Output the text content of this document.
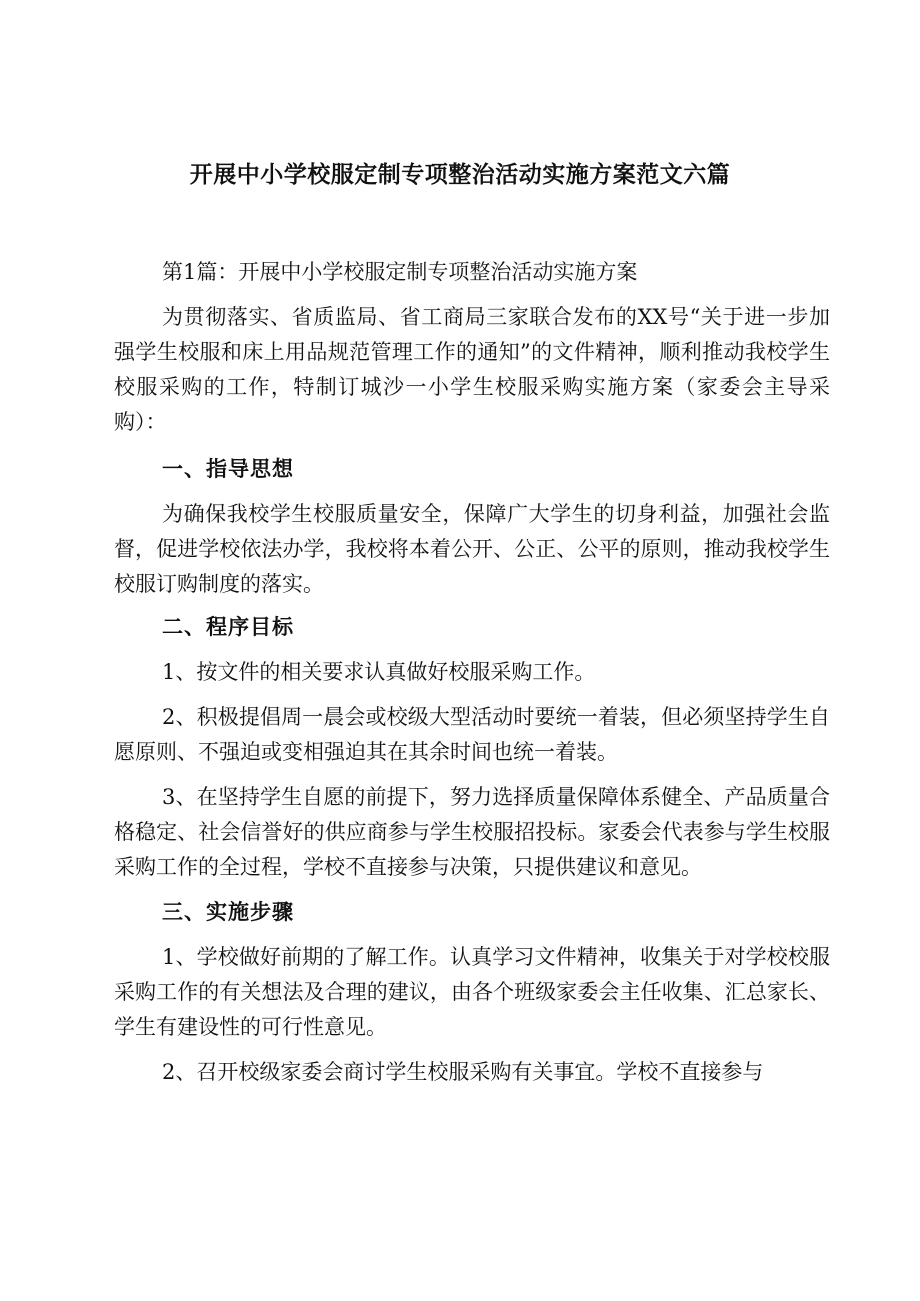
开展中小学校服定制专项整治活动实施方案范文六篇

第1篇：开展中小学校服定制专项整治活动实施方案

为贯彻落实、省质监局、省工商局三家联合发布的XX号“关于进一步加强学生校服和床上用品规范管理工作的通知”的文件精神，顺利推动我校学生校服采购的工作，特制订城沙一小学生校服采购实施方案（家委会主导采购）：

一、指导思想

为确保我校学生校服质量安全，保障广大学生的切身利益，加强社会监督，促进学校依法办学，我校将本着公开、公正、公平的原则，推动我校学生校服订购制度的落实。

二、程序目标

1、按文件的相关要求认真做好校服采购工作。

2、积极提倡周一晨会或校级大型活动时要统一着装，但必须坚持学生自愿原则、不强迫或变相强迫其在其余时间也统一着装。

3、在坚持学生自愿的前提下，努力选择质量保障体系健全、产品质量合格稳定、社会信誉好的供应商参与学生校服招投标。家委会代表参与学生校服采购工作的全过程，学校不直接参与决策，只提供建议和意见。

三、实施步骤

1、学校做好前期的了解工作。认真学习文件精神，收集关于对学校校服采购工作的有关想法及合理的建议，由各个班级家委会主任收集、汇总家长、学生有建设性的可行性意见。

2、召开校级家委会商讨学生校服采购有关事宜。学校不直接参与
